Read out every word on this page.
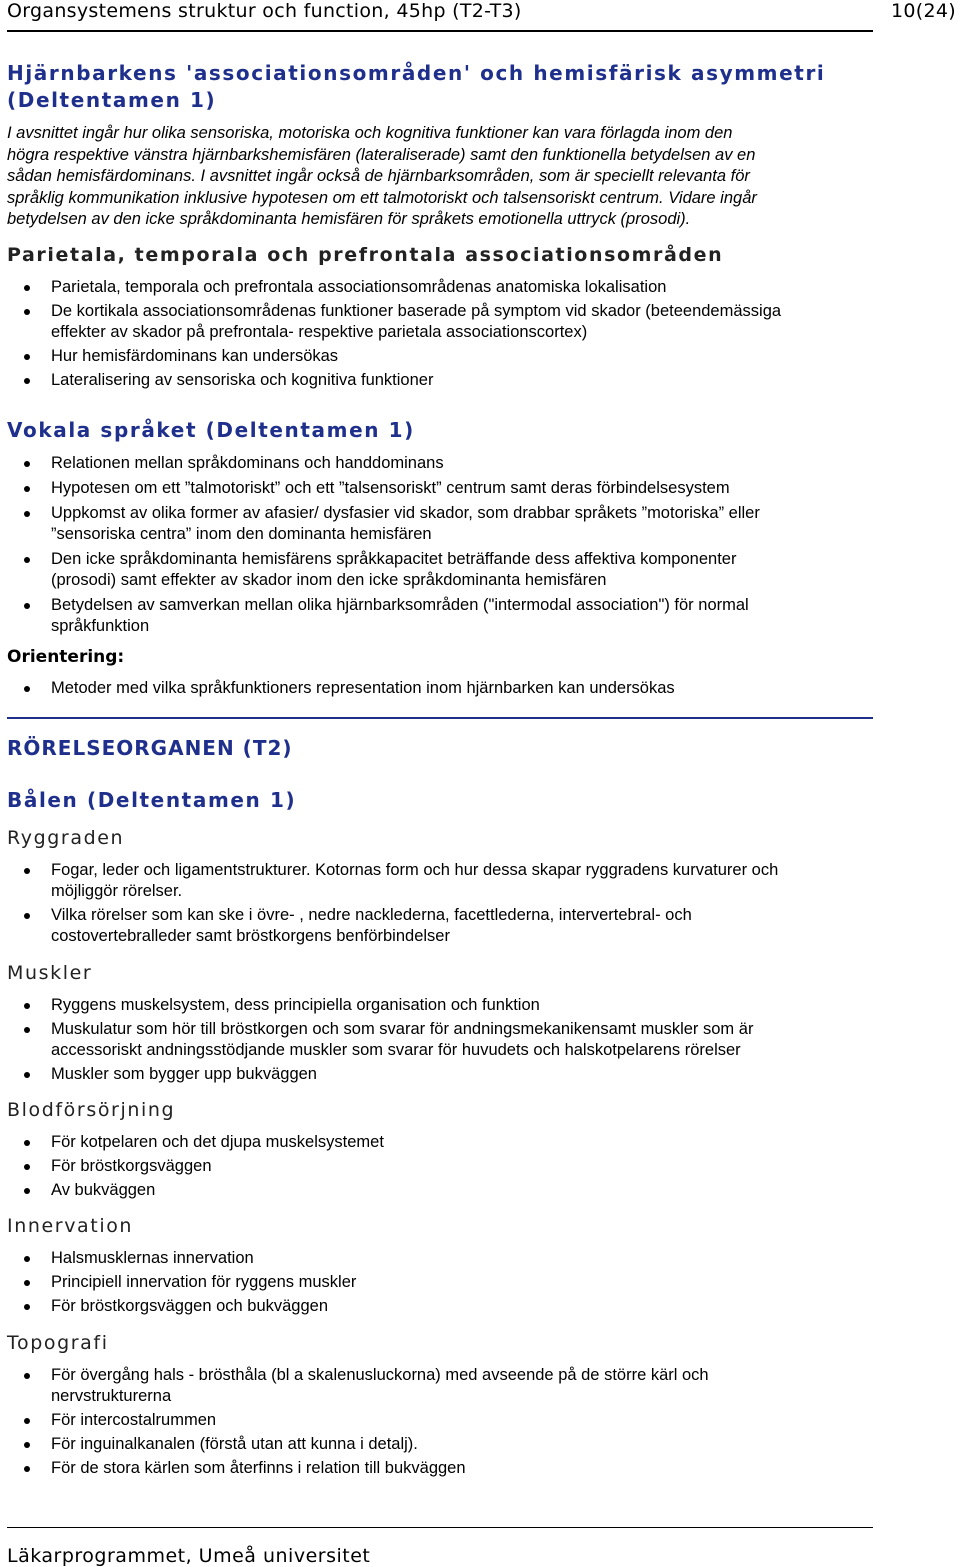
Organsystemens struktur och function, 45hp (T2-T3)	10(24)
Hjärnbarkens 'associationsområden' och hemisfärisk asymmetri
(Deltentamen 1)
I avsnittet ingår hur olika sensoriska, motoriska och kognitiva funktioner kan vara förlagda inom den
högra respektive vänstra hjärnbarkshemisfären (lateraliserade) samt den funktionella betydelsen av en
sådan hemisfärdominans. I avsnittet ingår också de hjärnbarksområden, som är speciellt relevanta för
språklig kommunikation inklusive hypotesen om ett talmotoriskt och talsensoriskt centrum. Vidare ingår
betydelsen av den icke språkdominanta hemisfären för språkets emotionella uttryck (prosodi).
Parietala, temporala och prefrontala associationsområden
Parietala, temporala och prefrontala associationsområdenas anatomiska lokalisation
De kortikala associationsområdenas funktioner baserade på symptom vid skador (beteendemässiga
effekter av skador på prefrontala- respektive parietala associationscortex)
Hur hemisfärdominans kan undersökas
Lateralisering av sensoriska och kognitiva funktioner
Vokala språket (Deltentamen 1)
Relationen mellan språkdominans och handdominans
Hypotesen om ett ”talmotoriskt” och ett ”talsensoriskt” centrum samt deras förbindelsesystem
Uppkomst av olika former av afasier/ dysfasier vid skador, som drabbar språkets ”motoriska” eller
”sensoriska centra” inom den dominanta hemisfären
Den icke språkdominanta hemisfärens språkkapacitet beträffande dess affektiva komponenter
(prosodi) samt effekter av skador inom den icke språkdominanta hemisfären
Betydelsen av samverkan mellan olika hjärnbarksområden ("intermodal association") för normal
språkfunktion
Orientering:
Metoder med vilka språkfunktioners representation inom hjärnbarken kan undersökas
RÖRELSEORGANEN (T2)
Bålen (Deltentamen 1)
Ryggraden
Fogar, leder och ligamentstrukturer. Kotornas form och hur dessa skapar ryggradens kurvaturer och
möjliggör rörelser.
Vilka rörelser som kan ske i övre- , nedre nacklederna, facettlederna, intervertebral- och
costovertebralleder samt bröstkorgens benförbindelser
Muskler
Ryggens muskelsystem, dess principiella organisation och funktion
Muskulatur som hör till bröstkorgen och som svarar för andningsmekanikensamt muskler som är
accessoriskt andningsstödjande muskler som svarar för huvudets och halskotpelarens rörelser
Muskler som bygger upp bukväggen
Blodförsörjning
För kotpelaren och det djupa muskelsystemet
För bröstkorgsväggen
Av bukväggen
Innervation
Halsmusklernas innervation
Principiell innervation för ryggens muskler
För bröstkorgsväggen och bukväggen
Topografi
För övergång hals - brösthåla (bl a skalenusluckorna) med avseende på de större kärl och
nervstrukturerna
För intercostalrummen
För inguinalkanalen (förstå utan att kunna i detalj).
För de stora kärlen som återfinns i relation till bukväggen
Läkarprogrammet, Umeå universitet
